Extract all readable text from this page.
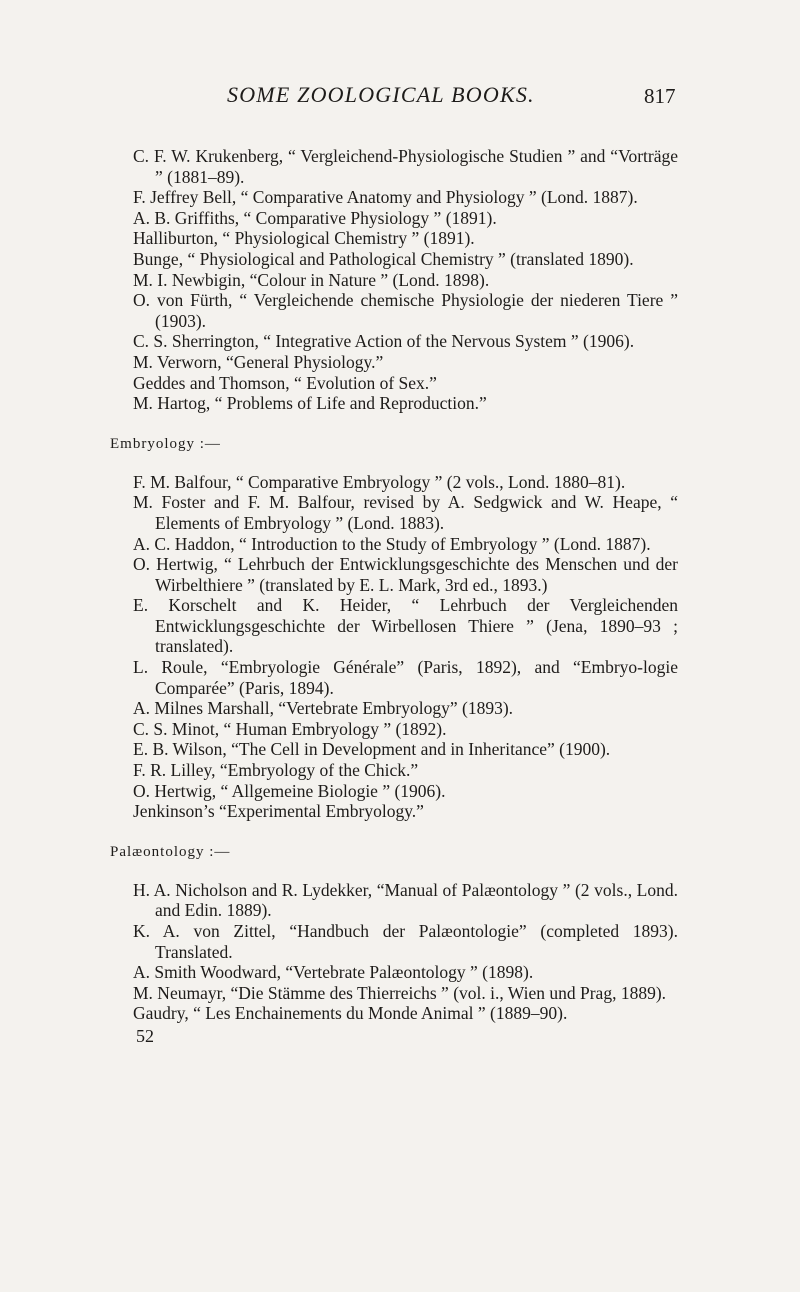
SOME ZOOLOGICAL BOOKS.	817
C. F. W. Krukenberg, “ Vergleichend-Physiologische Studien ” and “Vorträge ” (1881–89).
F. Jeffrey Bell, “ Comparative Anatomy and Physiology ” (Lond. 1887).
A. B. Griffiths, “ Comparative Physiology ” (1891).
Halliburton, “ Physiological Chemistry ” (1891).
Bunge, “ Physiological and Pathological Chemistry ” (translated 1890).
M. I. Newbigin, “Colour in Nature ” (Lond. 1898).
O. von Fürth, “ Vergleichende chemische Physiologie der niederen Tiere ” (1903).
C. S. Sherrington, “ Integrative Action of the Nervous System ” (1906).
M. Verworn, “General Physiology.”
Geddes and Thomson, “ Evolution of Sex.”
M. Hartog, “ Problems of Life and Reproduction.”
Embryology :—
F. M. Balfour, “ Comparative Embryology ” (2 vols., Lond. 1880–81).
M. Foster and F. M. Balfour, revised by A. Sedgwick and W. Heape, “ Elements of Embryology ” (Lond. 1883).
A. C. Haddon, “ Introduction to the Study of Embryology ” (Lond. 1887).
O. Hertwig, “ Lehrbuch der Entwicklungsgeschichte des Menschen und der Wirbelthiere ” (translated by E. L. Mark, 3rd ed., 1893.)
E. Korschelt and K. Heider, “ Lehrbuch der Vergleichenden Entwicklungsgeschichte der Wirbellosen Thiere ” (Jena, 1890–93 ; translated).
L. Roule, “Embryologie Générale” (Paris, 1892), and “Embryo-logie Comparée” (Paris, 1894).
A. Milnes Marshall, “Vertebrate Embryology” (1893).
C. S. Minot, “ Human Embryology ” (1892).
E. B. Wilson, “The Cell in Development and in Inheritance” (1900).
F. R. Lilley, “Embryology of the Chick.”
O. Hertwig, “ Allgemeine Biologie ” (1906).
Jenkinson’s “Experimental Embryology.”
Palæontology :—
H. A. Nicholson and R. Lydekker, “Manual of Palæontology ” (2 vols., Lond. and Edin. 1889).
K. A. von Zittel, “Handbuch der Palæontologie” (completed 1893). Translated.
A. Smith Woodward, “Vertebrate Palæontology ” (1898).
M. Neumayr, “Die Stämme des Thierreichs ” (vol. i., Wien und Prag, 1889).
Gaudry, “ Les Enchainements du Monde Animal ” (1889–90).
52
